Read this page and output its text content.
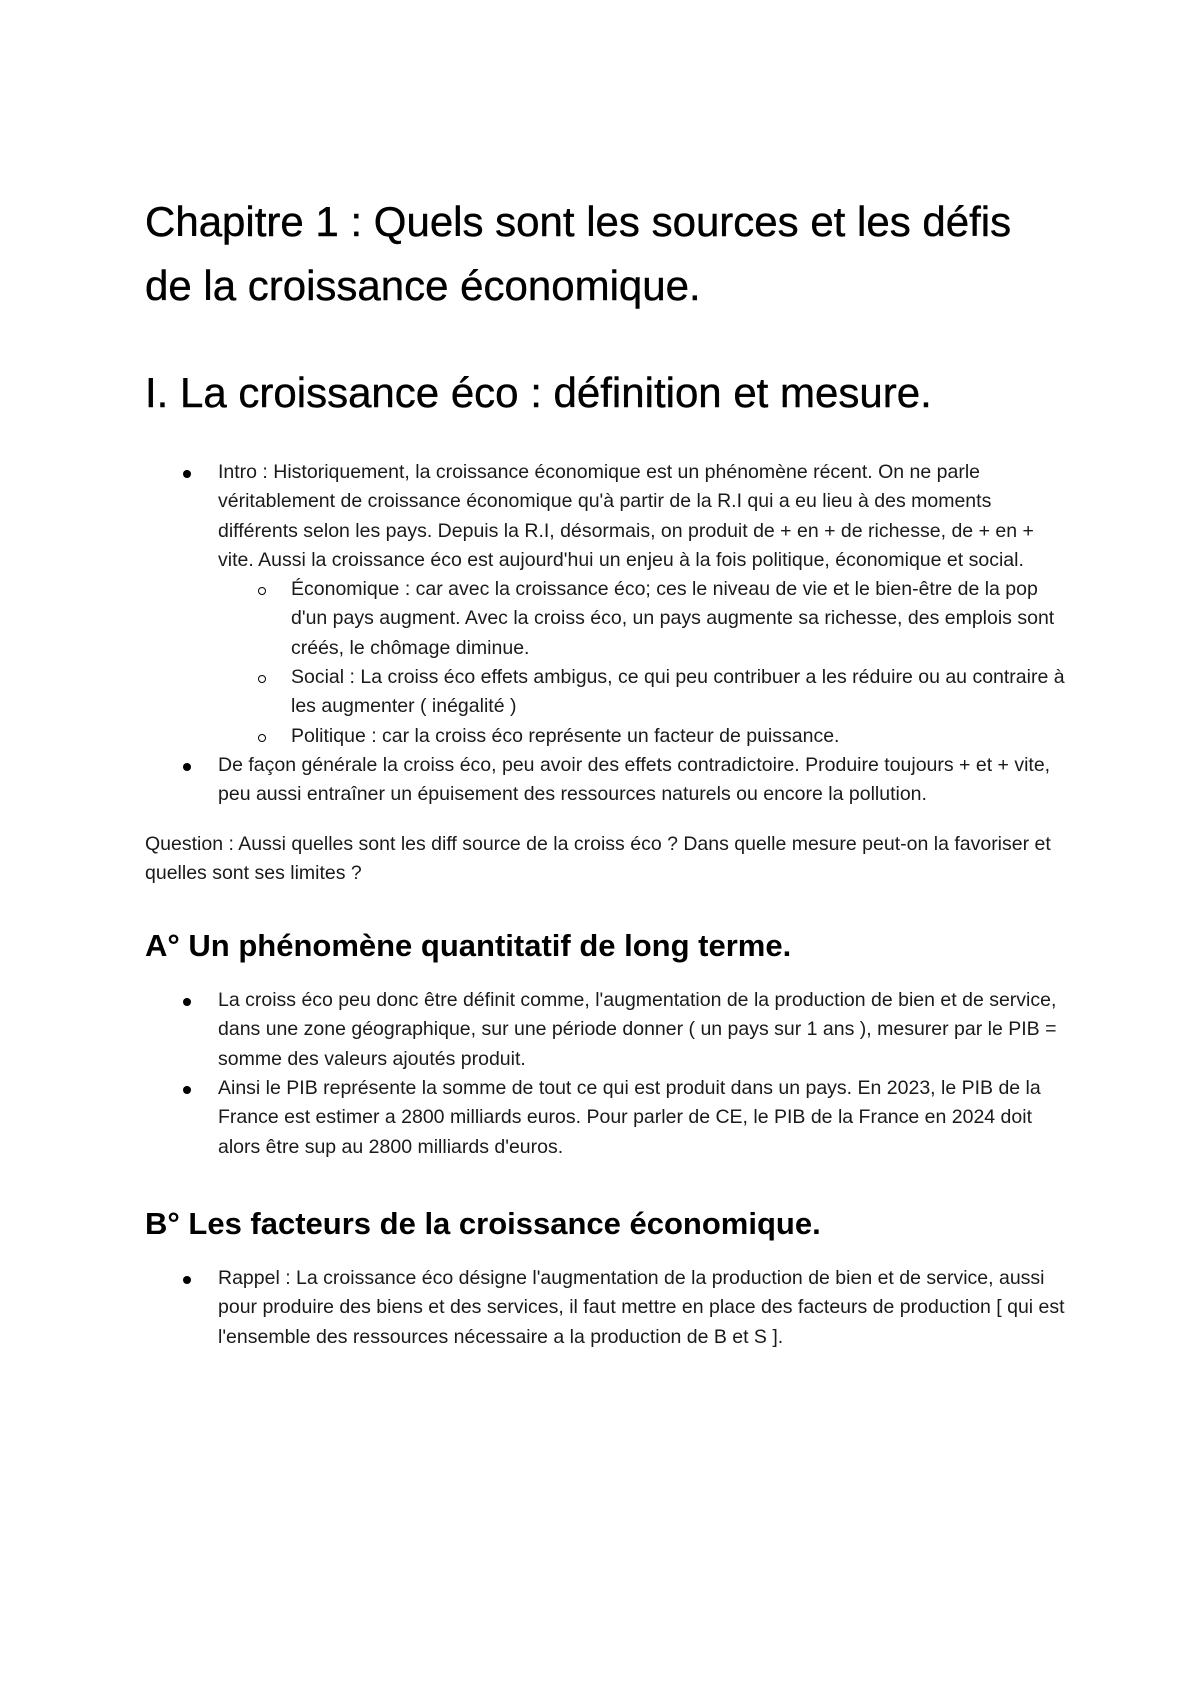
Chapitre 1 : Quels sont les sources et les défis de la croissance économique.
I. La croissance éco : définition et mesure.
Intro : Historiquement, la croissance économique est un phénomène récent. On ne parle véritablement de croissance économique qu'à partir de la R.I qui a eu lieu à des moments différents selon les pays. Depuis la R.I, désormais, on produit de + en + de richesse, de + en + vite. Aussi la croissance éco est aujourd'hui un enjeu à la fois politique, économique et social.
Économique : car avec la croissance éco; ces le niveau de vie et le bien-être de la pop d'un pays augment. Avec la croiss éco, un pays augmente sa richesse, des emplois sont créés, le chômage diminue.
Social : La croiss éco effets ambigus, ce qui peu contribuer a les réduire ou au contraire à les augmenter ( inégalité )
Politique : car la croiss éco représente un facteur de puissance.
De façon générale la croiss éco, peu avoir des effets contradictoire. Produire toujours + et + vite, peu aussi entraîner un épuisement des ressources naturels ou encore la pollution.

Question : Aussi quelles sont les diff source de la croiss éco ? Dans quelle mesure peut-on la favoriser et quelles sont ses limites ?

A° Un phénomène quantitatif de long terme.
La croiss éco peu donc être définit comme, l'augmentation de la production de bien et de service, dans une zone géographique, sur une période donner ( un pays sur 1 ans ), mesurer par le PIB = somme des valeurs ajoutés produit.
Ainsi le PIB représente la somme de tout ce qui est produit dans un pays. En 2023, le PIB de la France est estimer a 2800 milliards euros. Pour parler de CE, le PIB de la France en 2024 doit alors être sup au 2800 milliards d'euros.
B° Les facteurs de la croissance économique.
Rappel : La croissance éco désigne l'augmentation de la production de bien et de service, aussi pour produire des biens et des services, il faut mettre en place des facteurs de production [ qui est l'ensemble des ressources nécessaire a la production de B et S ].
